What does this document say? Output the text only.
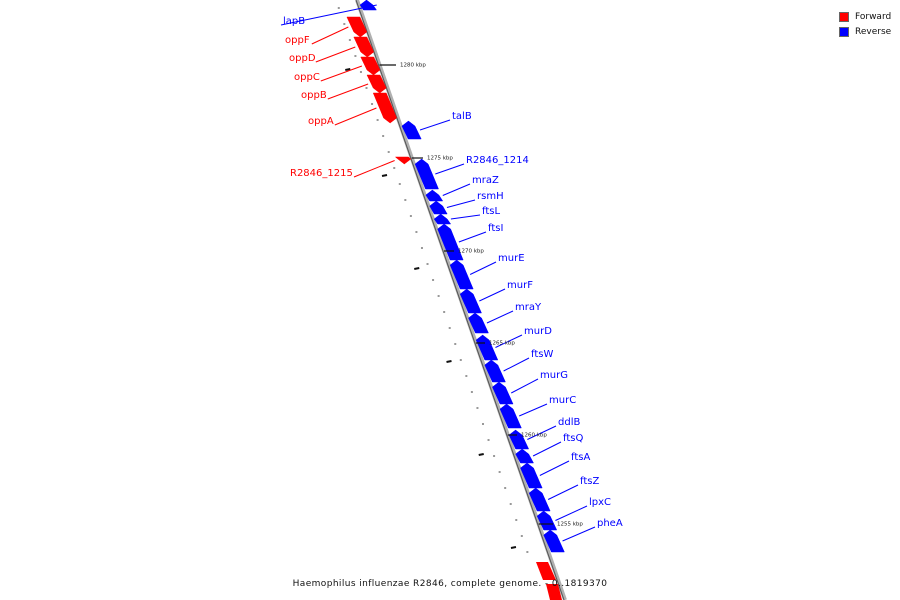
lapB
oppF
oppD
oppC
oppB
oppA	talB
R2846_1215
R2846_1214
mraZ
rsmH
ftsL
ftsI
murE
murF
mraY
murD
ftsW
murG
murC
ddlB
ftsQ
ftsA
ftsZ
lpxC
pheA
1280 kbp
1275 kbp
1270 kbp
1265 kbp
1260 kbp
1255 kbp
Forward
Reverse
Haemophilus influenzae R2846, complete genome. - 0..1819370
